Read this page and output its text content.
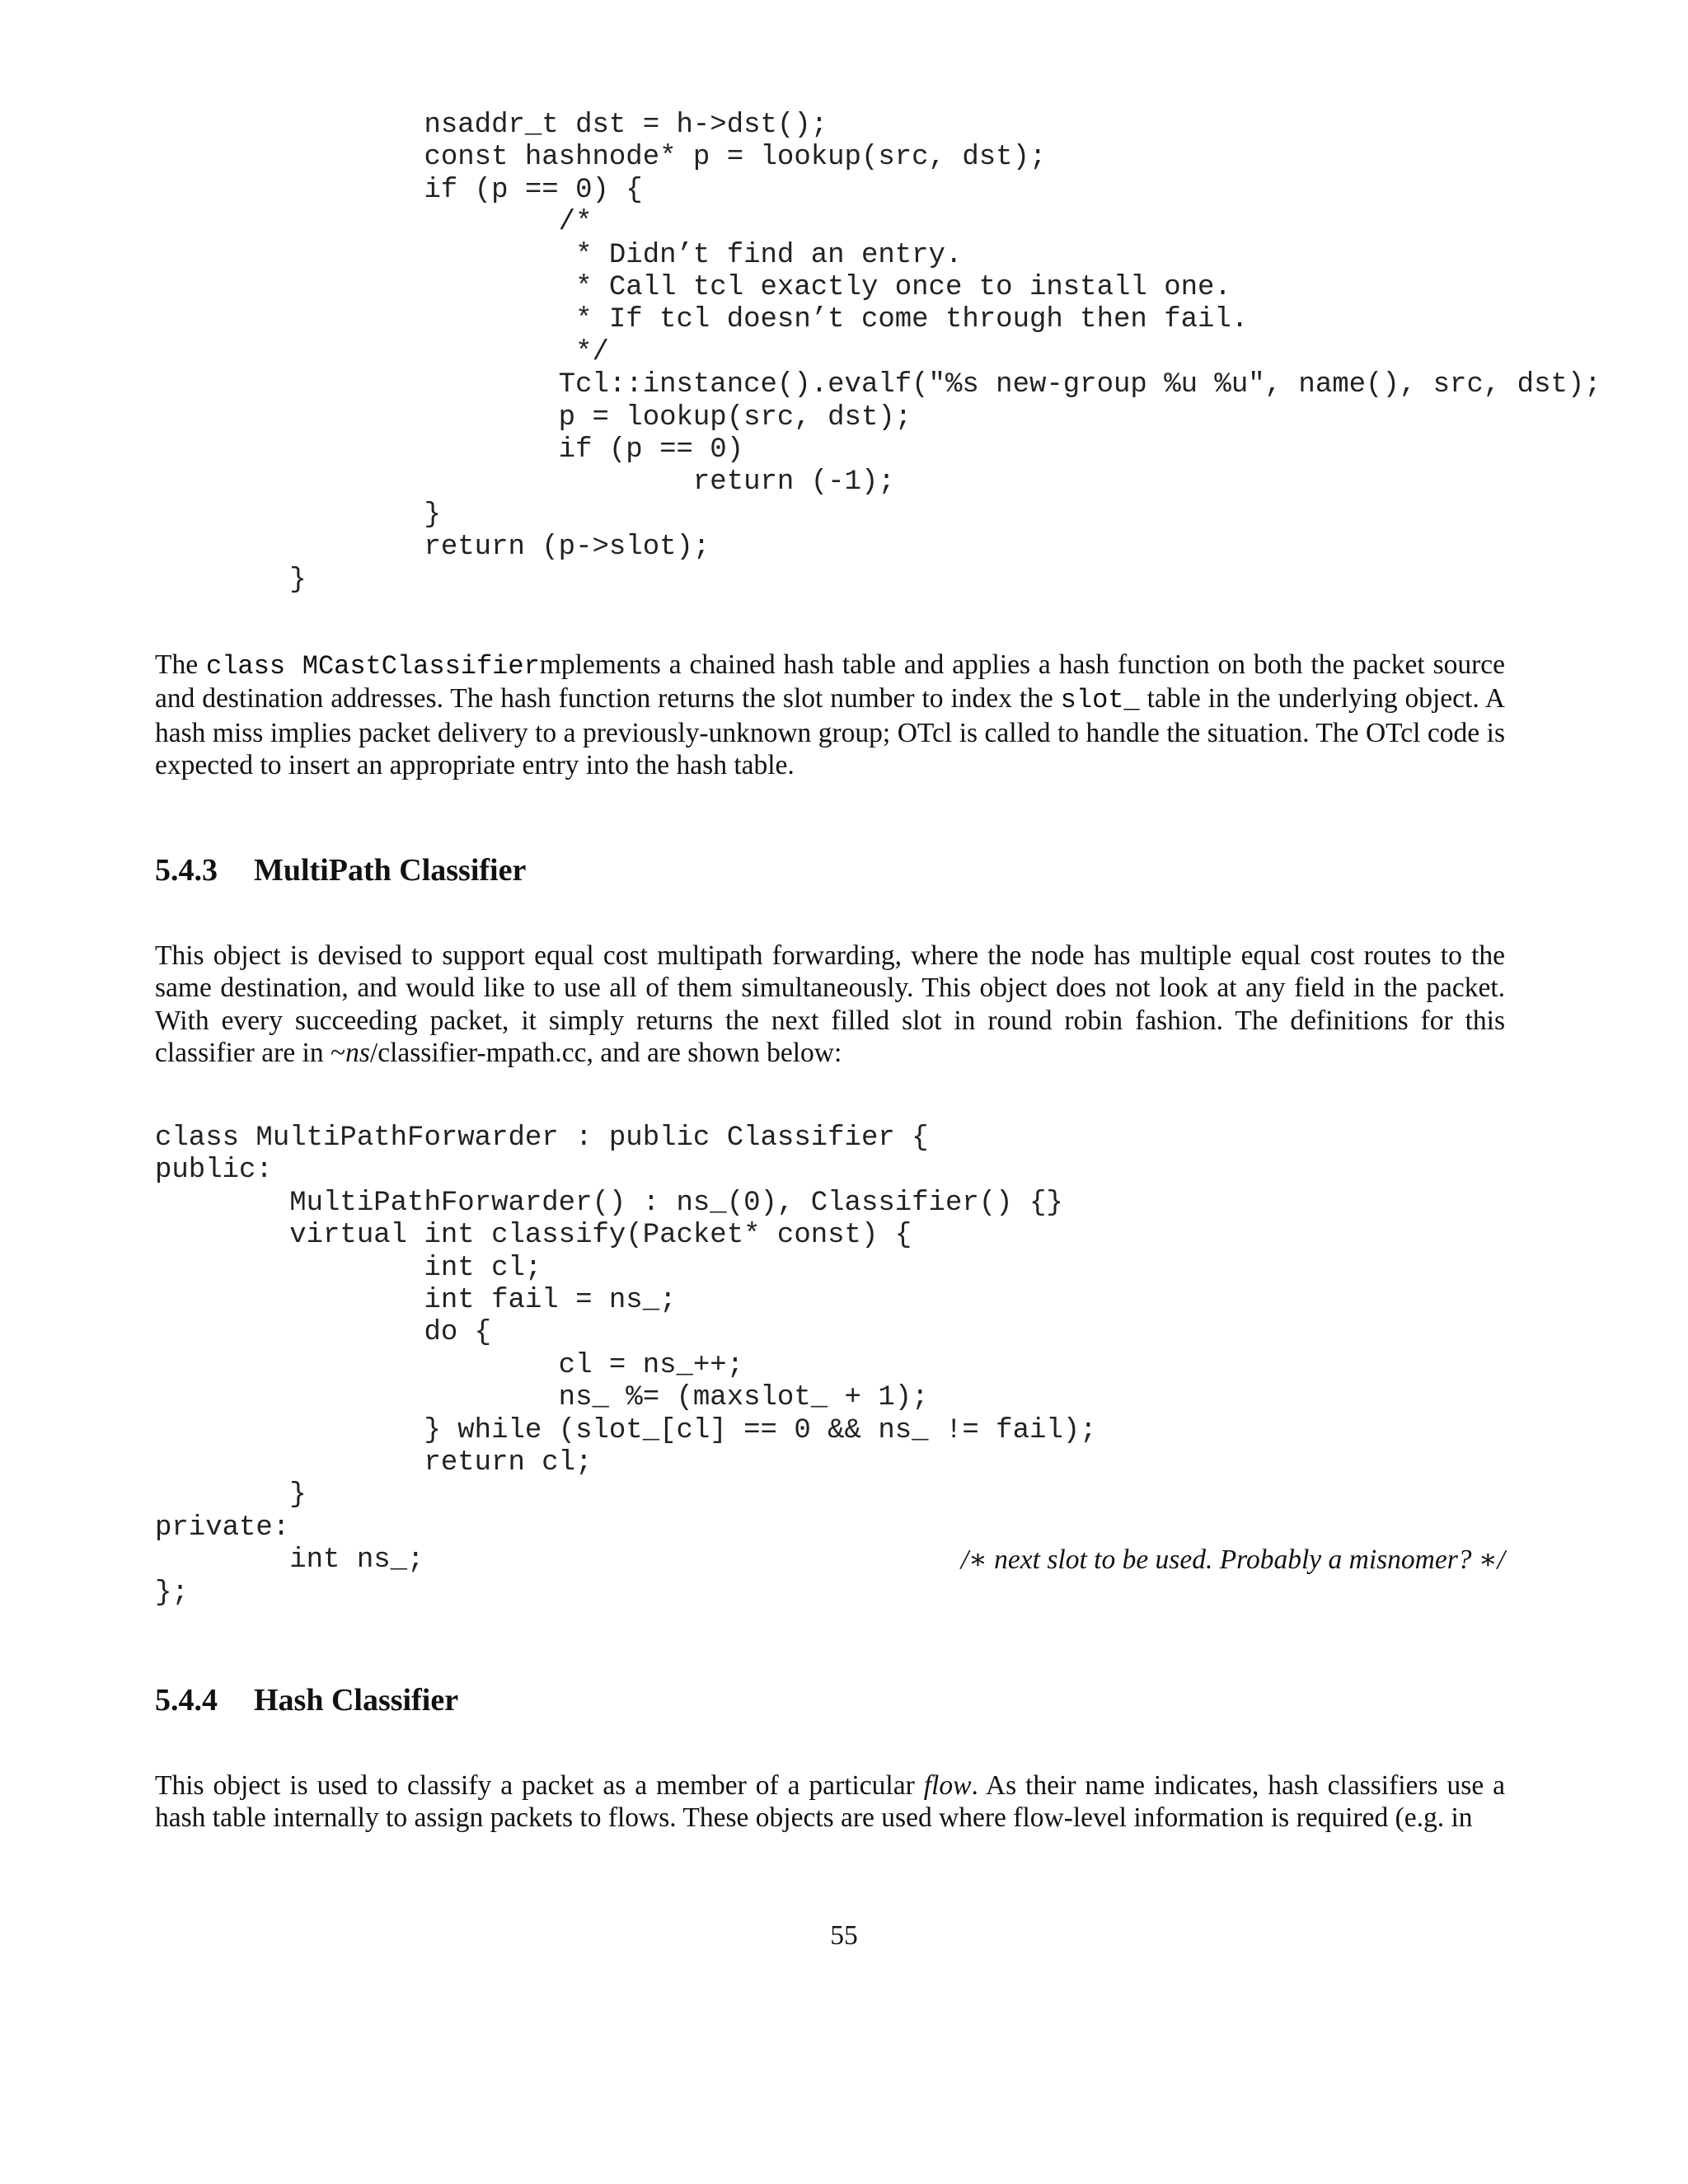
nsaddr_t dst = h->dst();
const hashnode* p = lookup(src, dst);
if (p == 0) {
/*
* Didn’t find an entry.
* Call tcl exactly once to install one.
* If tcl doesn’t come through then fail.
*/
Tcl::instance().evalf("%s new-group %u %u", name(), src, dst);
p = lookup(src, dst);
if (p == 0)
return (-1);
}
return (p->slot);
}

The class MCastClassifiermplements a chained hash table and applies a hash function on both the packet source and destination addresses. The hash function returns the slot number to index the slot_ table in the underlying object. A hash miss implies packet delivery to a previously-unknown group; OTcl is called to handle the situation. The OTcl code is expected to insert an appropriate entry into the hash table.

5.4.3 MultiPath Classifier

This object is devised to support equal cost multipath forwarding, where the node has multiple equal cost routes to the same destination, and would like to use all of them simultaneously. This object does not look at any field in the packet. With every succeeding packet, it simply returns the next filled slot in round robin fashion. The definitions for this classifier are in ~ns/classifier-mpath.cc, and are shown below:

class MultiPathForwarder : public Classifier {
public:
MultiPathForwarder() : ns_(0), Classifier() {}
virtual int classify(Packet* const) {
int cl;
int fail = ns_;
do {
cl = ns_++;
ns_ %= (maxslot_ + 1);
} while (slot_[cl] == 0 && ns_ != fail);
return cl;
}
private:
int ns_;
};

/∗ next slot to be used. Probably a misnomer? ∗/

5.4.4 Hash Classifier

This object is used to classify a packet as a member of a particular flow. As their name indicates, hash classifiers use a hash table internally to assign packets to flows. These objects are used where flow-level information is required (e.g. in

55
